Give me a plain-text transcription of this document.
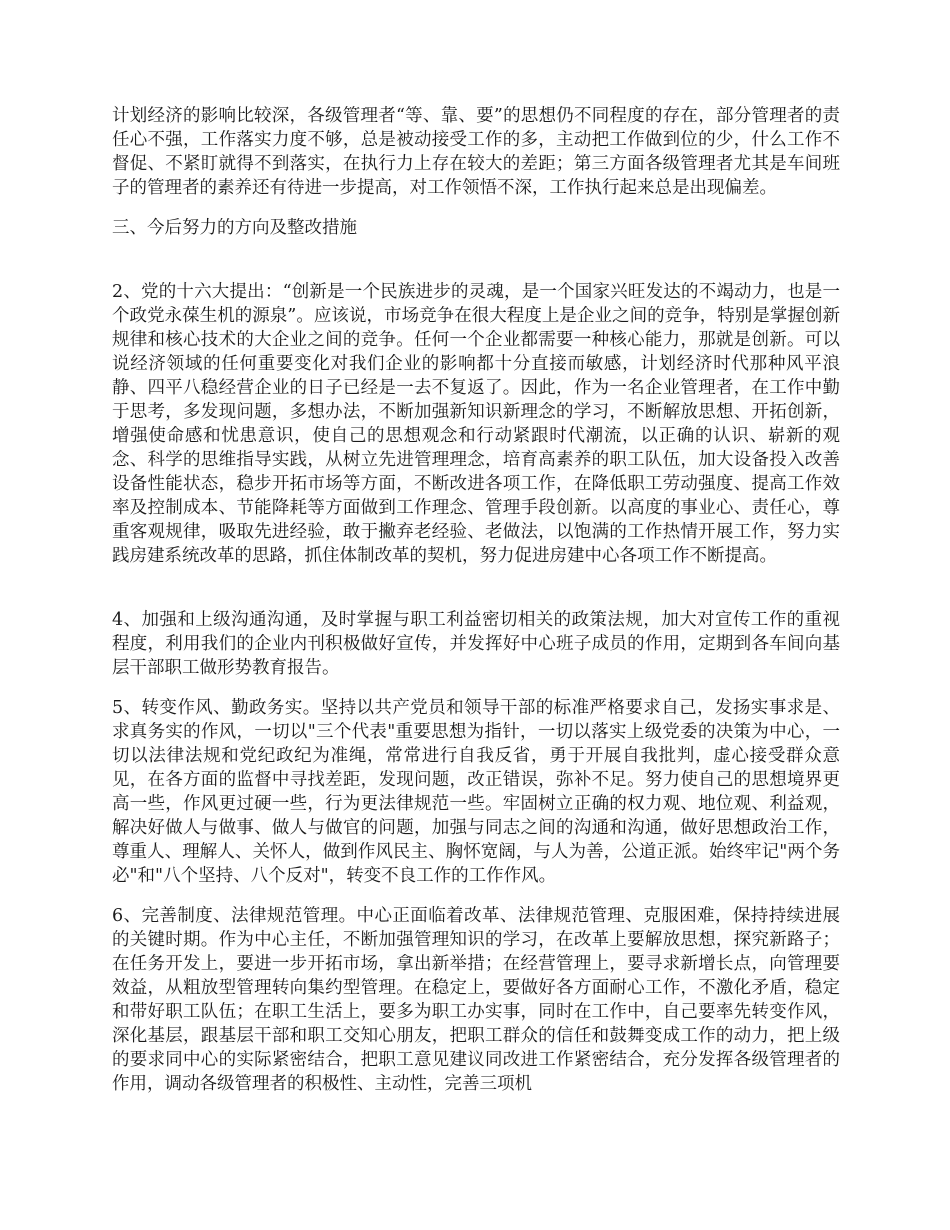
计划经济的影响比较深，各级管理者“等、靠、要”的思想仍不同程度的存在，部分管理者的责任心不强，工作落实力度不够，总是被动接受工作的多，主动把工作做到位的少，什么工作不督促、不紧盯就得不到落实，在执行力上存在较大的差距；第三方面各级管理者尤其是车间班子的管理者的素养还有待进一步提高，对工作领悟不深，工作执行起来总是出现偏差。

三、今后努力的方向及整改措施

2、党的十六大提出：“创新是一个民族进步的灵魂，是一个国家兴旺发达的不竭动力，也是一个政党永葆生机的源泉”。应该说，市场竞争在很大程度上是企业之间的竞争，特别是掌握创新规律和核心技术的大企业之间的竞争。任何一个企业都需要一种核心能力，那就是创新。可以说经济领域的任何重要变化对我们企业的影响都十分直接而敏感，计划经济时代那种风平浪静、四平八稳经营企业的日子已经是一去不复返了。因此，作为一名企业管理者，在工作中勤于思考，多发现问题，多想办法，不断加强新知识新理念的学习，不断解放思想、开拓创新，增强使命感和忧患意识，使自己的思想观念和行动紧跟时代潮流，以正确的认识、崭新的观念、科学的思维指导实践，从树立先进管理理念，培育高素养的职工队伍，加大设备投入改善设备性能状态，稳步开拓市场等方面，不断改进各项工作，在降低职工劳动强度、提高工作效率及控制成本、节能降耗等方面做到工作理念、管理手段创新。以高度的事业心、责任心，尊重客观规律，吸取先进经验，敢于撇弃老经验、老做法，以饱满的工作热情开展工作，努力实践房建系统改革的思路，抓住体制改革的契机，努力促进房建中心各项工作不断提高。

4、加强和上级沟通沟通，及时掌握与职工利益密切相关的政策法规，加大对宣传工作的重视程度，利用我们的企业内刊积极做好宣传，并发挥好中心班子成员的作用，定期到各车间向基层干部职工做形势教育报告。

5、转变作风、勤政务实。坚持以共产党员和领导干部的标准严格要求自己，发扬实事求是、求真务实的作风，一切以"三个代表"重要思想为指针，一切以落实上级党委的决策为中心，一切以法律法规和党纪政纪为准绳，常常进行自我反省，勇于开展自我批判，虚心接受群众意见，在各方面的监督中寻找差距，发现问题，改正错误，弥补不足。努力使自己的思想境界更高一些，作风更过硬一些，行为更法律规范一些。牢固树立正确的权力观、地位观、利益观，解决好做人与做事、做人与做官的问题，加强与同志之间的沟通和沟通，做好思想政治工作，尊重人、理解人、关怀人，做到作风民主、胸怀宽阔，与人为善，公道正派。始终牢记"两个务必"和"八个坚持、八个反对"，转变不良工作的工作作风。

6、完善制度、法律规范管理。中心正面临着改革、法律规范管理、克服困难，保持持续进展的关键时期。作为中心主任，不断加强管理知识的学习，在改革上要解放思想，探究新路子；在任务开发上，要进一步开拓市场，拿出新举措；在经营管理上，要寻求新增长点，向管理要效益，从粗放型管理转向集约型管理。在稳定上，要做好各方面耐心工作，不激化矛盾，稳定和带好职工队伍；在职工生活上，要多为职工办实事，同时在工作中，自己要率先转变作风，深化基层，跟基层干部和职工交知心朋友，把职工群众的信任和鼓舞变成工作的动力，把上级的要求同中心的实际紧密结合，把职工意见建议同改进工作紧密结合，充分发挥各级管理者的作用，调动各级管理者的积极性、主动性，完善三项机
